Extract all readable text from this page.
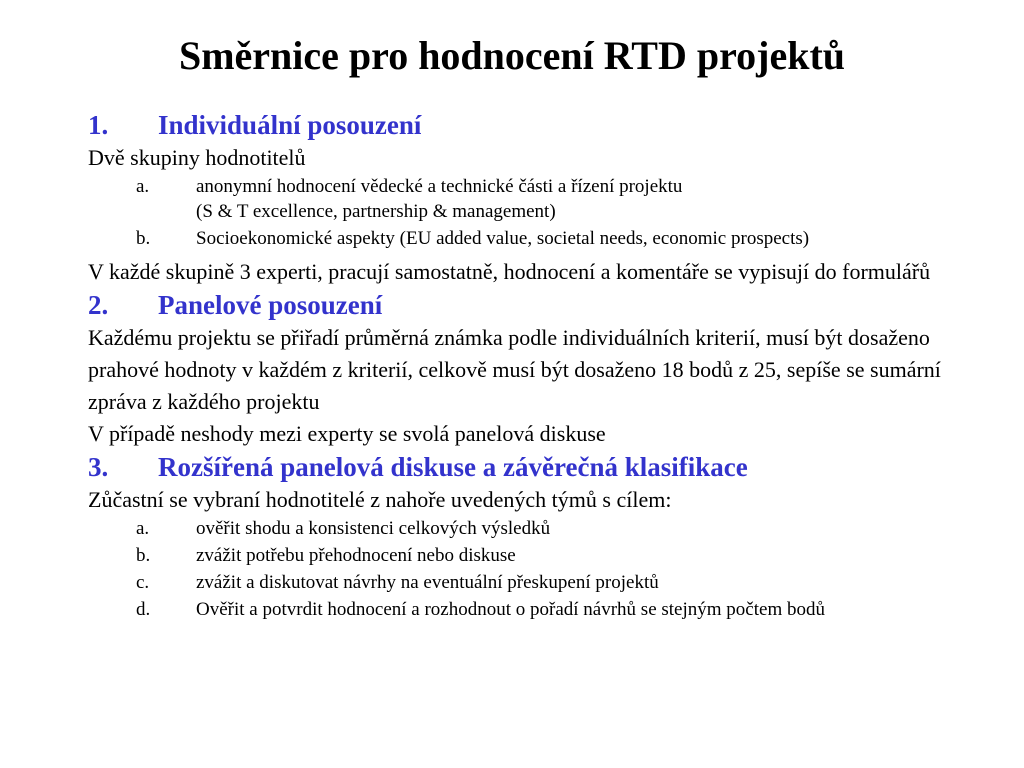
Směrnice pro hodnocení RTD projektů
1.	Individuální posouzení
Dvě skupiny hodnotitelů
a.	anonymní hodnocení vědecké a technické části a řízení projektu
(S & T excellence, partnership & management)
b.	Socioekonomické aspekty (EU added value, societal needs, economic prospects)
V každé skupině 3 experti, pracují samostatně, hodnocení a komentáře se vypisují do formulářů
2.	Panelové posouzení
Každému projektu se přiřadí průměrná známka podle individuálních kriterií, musí být dosaženo prahové hodnoty v každém z kriterií, celkově musí být dosaženo 18 bodů z 25, sepíše se sumární zpráva z každého projektu
V případě neshody mezi experty se svolá panelová diskuse
3.	Rozšířená panelová diskuse a závěrečná klasifikace
Zůčastní se vybraní hodnotitelé z nahoře uvedených týmů s cílem:
a.	ověřit shodu a konsistenci celkových výsledků
b.	zvážit potřebu přehodnocení nebo diskuse
c.	zvážit a diskutovat návrhy na eventuální přeskupení projektů
d.	Ověřit a potvrdit hodnocení a rozhodnout o pořadí návrhů se stejným počtem bodů
